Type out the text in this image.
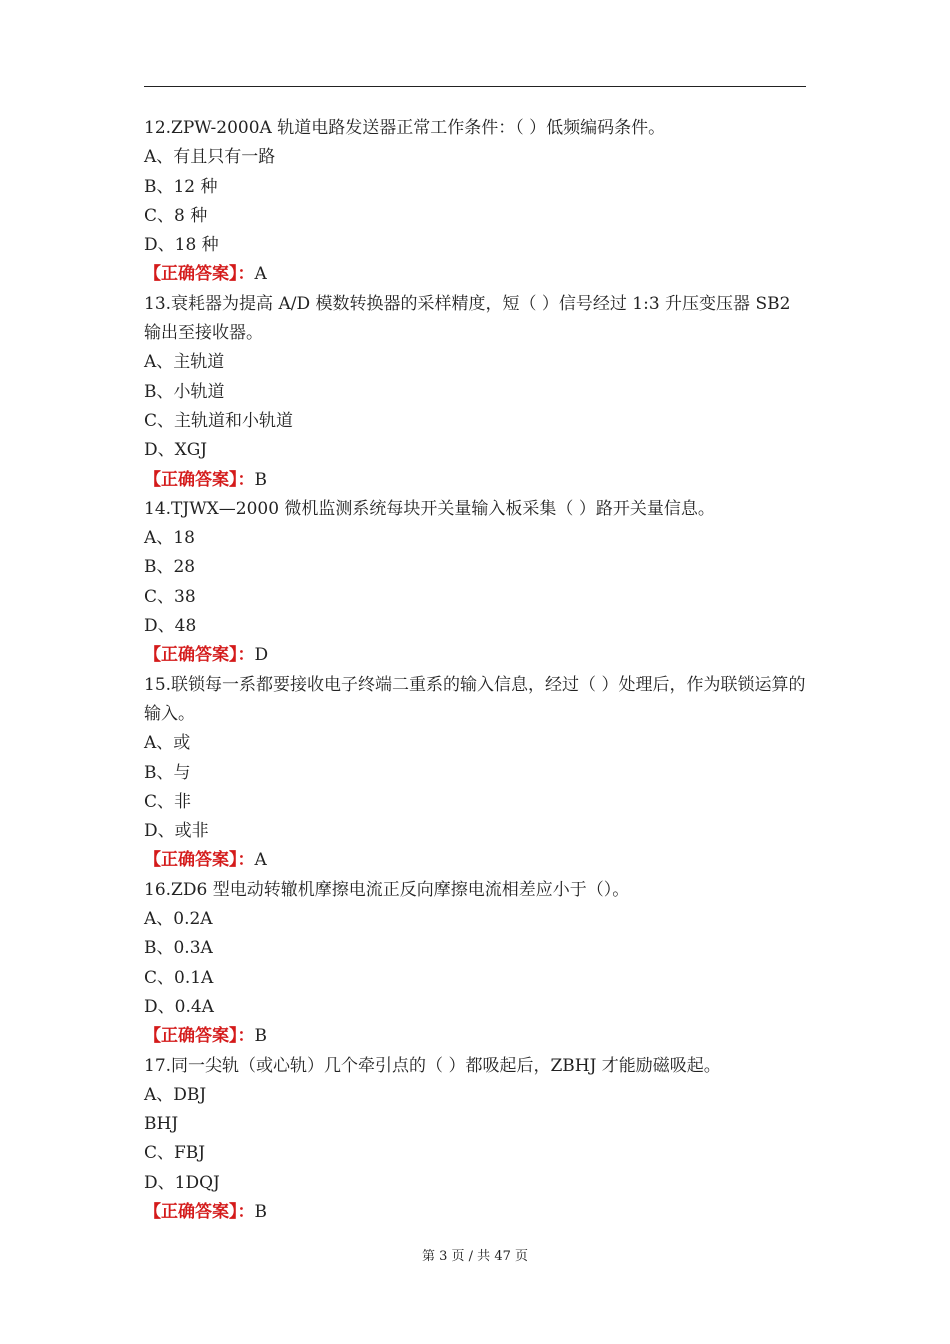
12.ZPW-2000A 轨道电路发送器正常工作条件：（ ）低频编码条件。
A、有且只有一路
B、12 种
C、8 种
D、18 种
【正确答案】：A
13.衰耗器为提高 A/D 模数转换器的采样精度，短（ ）信号经过 1:3 升压变压器 SB2 输出至接收器。
A、主轨道
B、小轨道
C、主轨道和小轨道
D、XGJ
【正确答案】：B
14.TJWX—2000 微机监测系统每块开关量输入板采集（ ）路开关量信息。
A、18
B、28
C、38
D、48
【正确答案】：D
15.联锁每一系都要接收电子终端二重系的输入信息，经过（ ）处理后，作为联锁运算的输入。
A、或
B、与
C、非
D、或非
【正确答案】：A
16.ZD6 型电动转辙机摩擦电流正反向摩擦电流相差应小于（）。
A、0.2A
B、0.3A
C、0.1A
D、0.4A
【正确答案】：B
17.同一尖轨（或心轨）几个牵引点的（ ）都吸起后，ZBHJ 才能励磁吸起。
A、DBJ
BHJ
C、FBJ
D、1DQJ
【正确答案】：B
第 3 页 / 共 47 页
